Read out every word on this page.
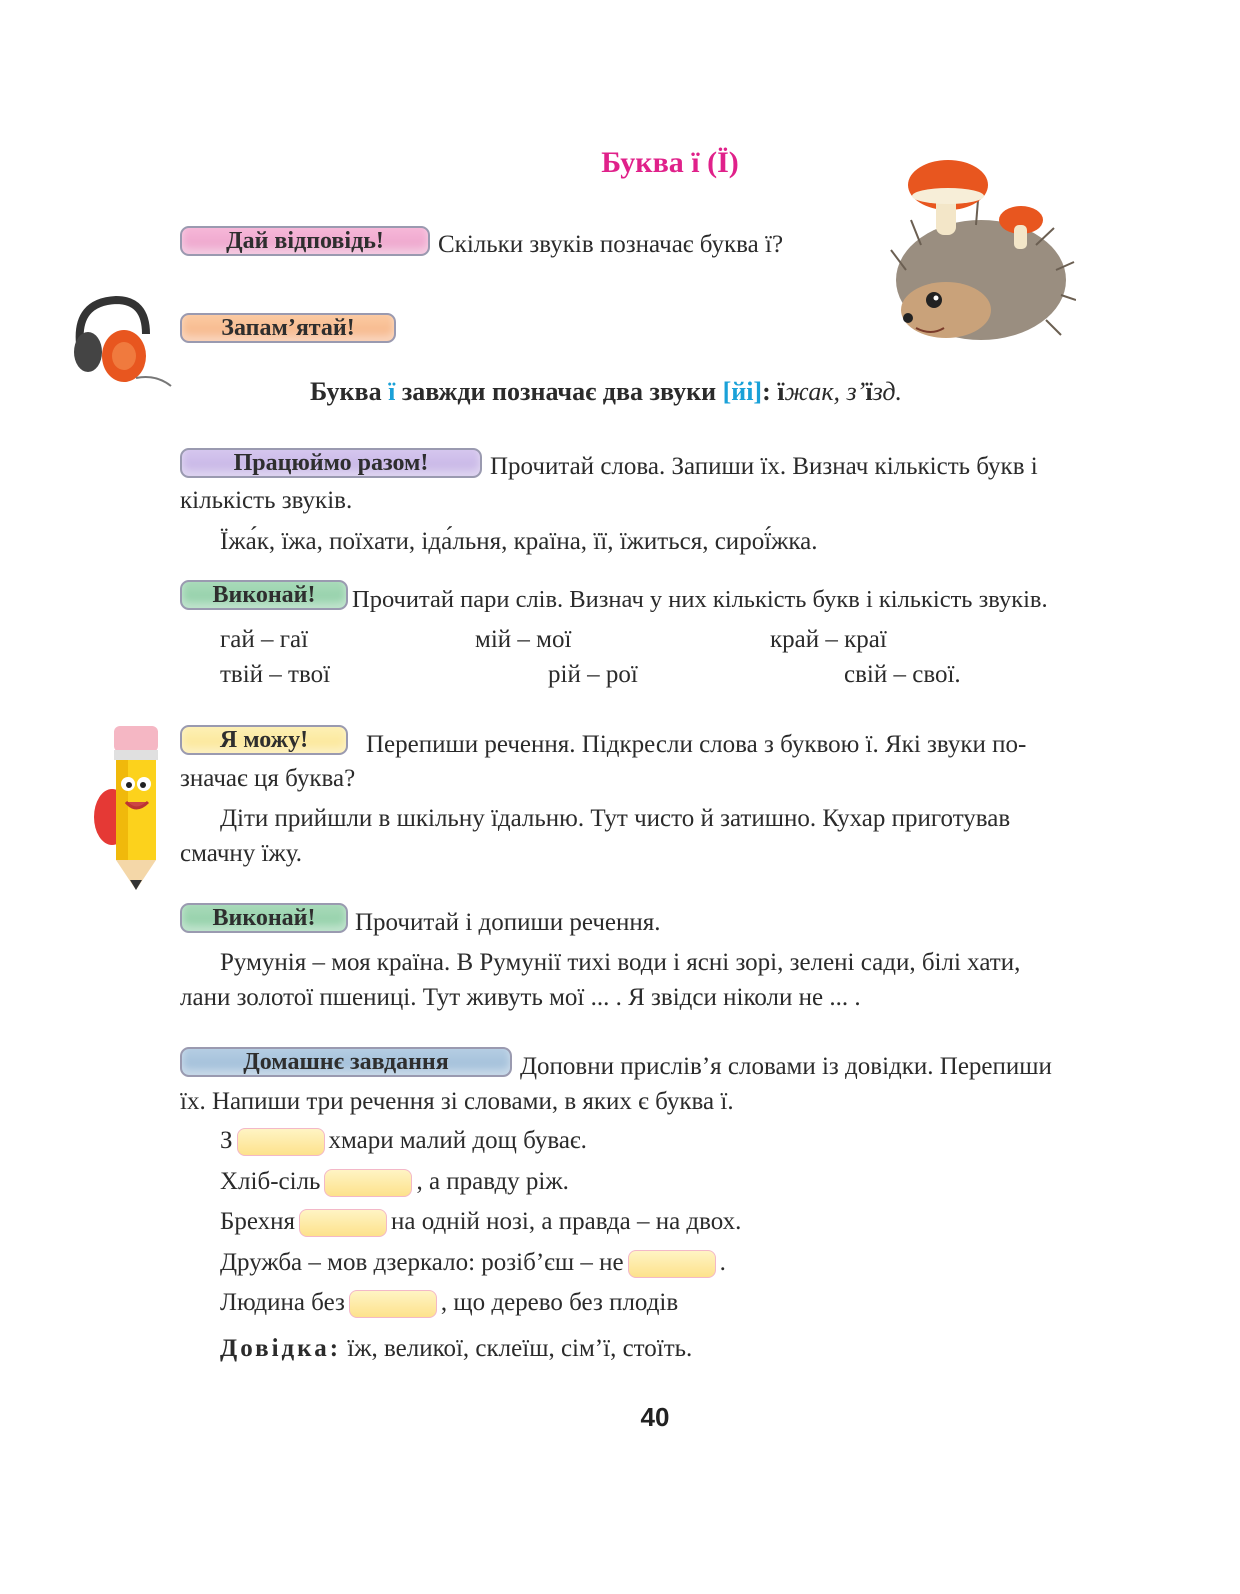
Буква ї (Ї)
Дай відповідь!	Скільки звуків позначає буква ї?
Запам’ятай!
Буква ї завжди позначає два звуки [йі]: їжак, з’їзд.
Працюймо разом!	Прочитай слова. Запиши їх. Визнач кількість букв і
кількість звуків.
Їжа́к, їжа, поїхати, іда́льня, країна, її, їжиться, сирої́жка.
Виконай!	Прочитай пари слів. Визнач у них кількість букв і кількість звуків.
гай – гаї	мій – мої	край – краї
твій – твої	рій – рої	свій – свої.
Я можу!	Перепиши речення. Підкресли слова з буквою ї. Які звуки по-
значає ця буква?
Діти прийшли в шкільну їдальню. Тут чисто й затишно. Кухар приготував
смачну їжу.
Виконай!	Прочитай і допиши речення.
Румунія – моя країна. В Румунії тихі води і ясні зорі, зелені сади, білі хати,
лани золотої пшениці. Тут живуть мої ... . Я звідси ніколи не ... .
Домашнє завдання	Доповни прислів’я словами із довідки. Перепиши
їх. Напиши три речення зі словами, в яких є буква ї.
З	хмари малий дощ буває.
Хліб-сіль	, а правду ріж.
Брехня	на одній нозі, а правда – на двох.
Дружба – мов дзеркало: розіб’єш – не	.
Людина без	, що дерево без плодів
Довідка: їж, великої, склеїш, сім’ї, стоїть.
40
